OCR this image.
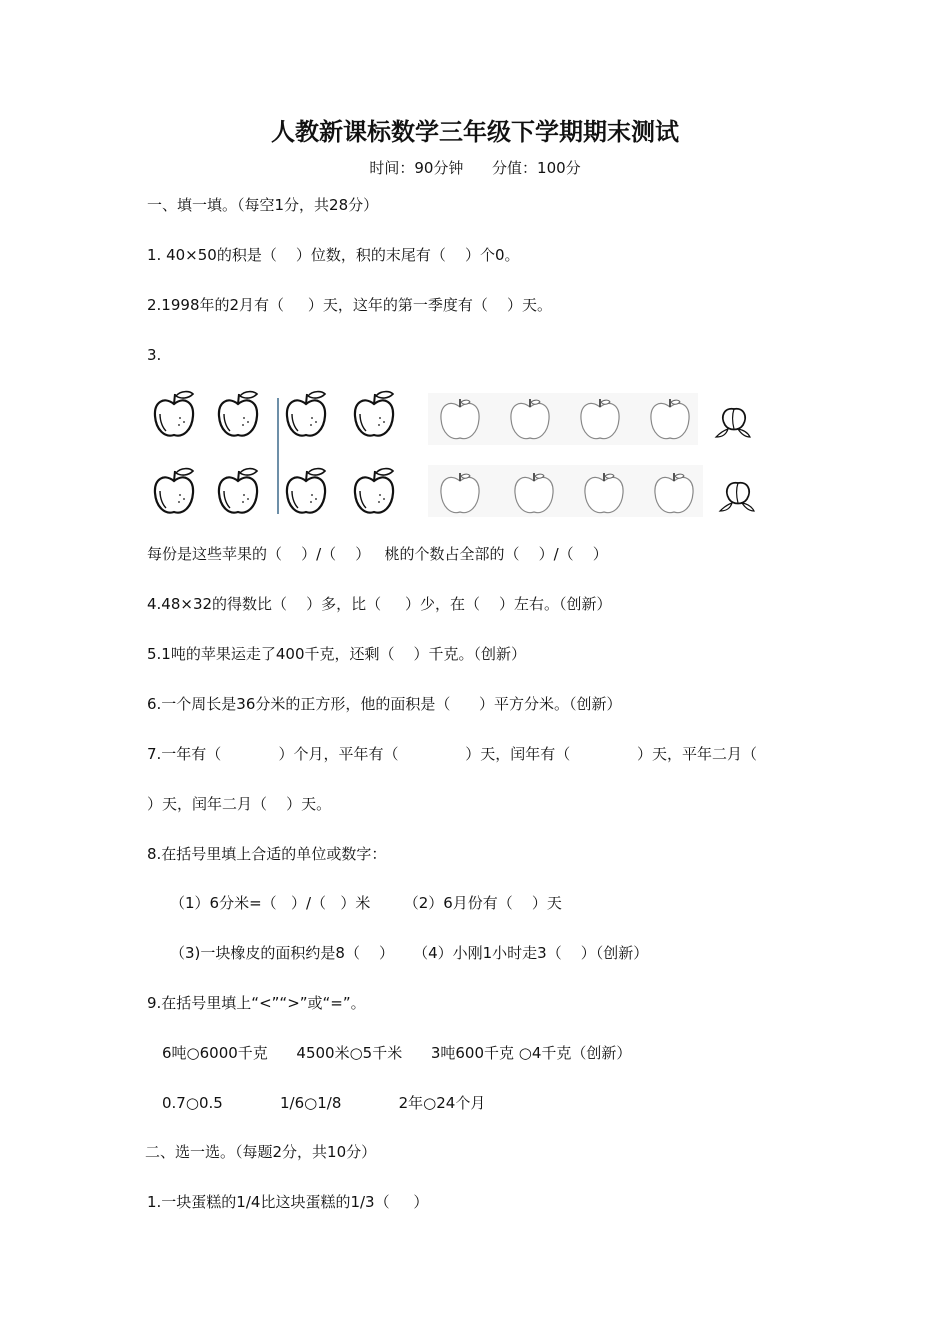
人教新课标数学三年级下学期期末测试
时间：90分钟      分值：100分
一、填一填。（每空1分，共28分）
1. 40×50的积是（    ）位数，积的末尾有（    ）个0。
2.1998年的2月有（     ）天，这年的第一季度有（    ）天。
3.
每份是这些苹果的（    ）/（    ）   桃的个数占全部的（    ）/（    ）
4.48×32的得数比（    ）多，比（     ）少，在（    ）左右。（创新）
5.1吨的苹果运走了400千克，还剩（    ）千克。（创新）
6.一个周长是36分米的正方形，他的面积是（      ）平方分米。（创新）
7.一年有（            ）个月，平年有（              ）天，闰年有（              ）天，平年二月（
）天，闰年二月（    ）天。
8.在括号里填上合适的单位或数字：
（1）6分米=（   ）/（   ）米       （2）6月份有（    ）天
（3)一块橡皮的面积约是8（    ）    （4）小刚1小时走3（    ）（创新）
9.在括号里填上“<”“>”或“=”。
6吨○6000千克      4500米○5千米      3吨600千克 ○4千克（创新）
0.7○0.5            1/6○1/8            2年○24个月
二、选一选。（每题2分，共10分）
1.一块蛋糕的1/4比这块蛋糕的1/3（     ）
